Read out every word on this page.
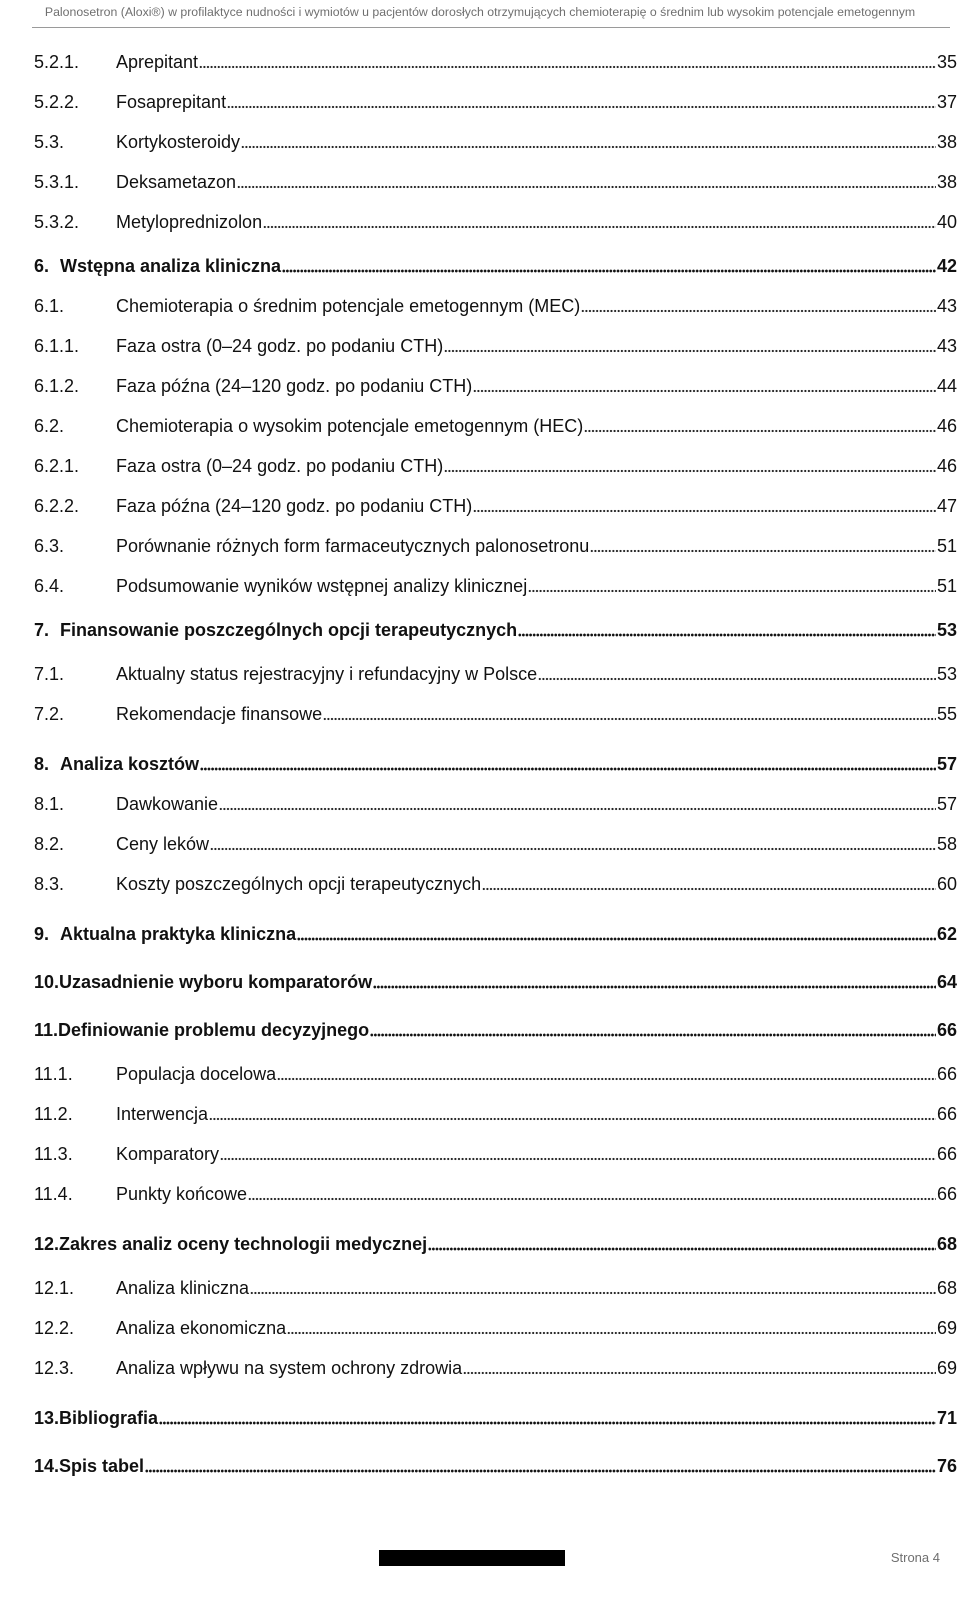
Palonosetron (Aloxi®) w profilaktyce nudności i wymiotów u pacjentów dorosłych otrzymujących chemioterapię o średnim lub wysokim potencjale emetogennym
5.2.1.	Aprepitant	35
5.2.2.	Fosaprepitant	37
5.3.	Kortykosteroidy	38
5.3.1.	Deksametazon	38
5.3.2.	Metyloprednizolon	40
6. Wstępna analiza kliniczna	42
6.1.	Chemioterapia o średnim potencjale emetogennym (MEC)	43
6.1.1.	Faza ostra (0–24 godz. po podaniu CTH)	43
6.1.2.	Faza późna (24–120 godz. po podaniu CTH)	44
6.2.	Chemioterapia o wysokim potencjale emetogennym (HEC)	46
6.2.1.	Faza ostra (0–24 godz. po podaniu CTH)	46
6.2.2.	Faza późna (24–120 godz. po podaniu CTH)	47
6.3.	Porównanie różnych form farmaceutycznych palonosetronu	51
6.4.	Podsumowanie wyników wstępnej analizy klinicznej	51
7. Finansowanie poszczególnych opcji terapeutycznych	53
7.1.	Aktualny status rejestracyjny i refundacyjny w Polsce	53
7.2.	Rekomendacje finansowe	55
8. Analiza kosztów	57
8.1.	Dawkowanie	57
8.2.	Ceny leków	58
8.3.	Koszty poszczególnych opcji terapeutycznych	60
9. Aktualna praktyka kliniczna	62
10. Uzasadnienie wyboru komparatorów	64
11. Definiowanie problemu decyzyjnego	66
11.1.	Populacja docelowa	66
11.2.	Interwencja	66
11.3.	Komparatory	66
11.4.	Punkty końcowe	66
12. Zakres analiz oceny technologii medycznej	68
12.1.	Analiza kliniczna	68
12.2.	Analiza ekonomiczna	69
12.3.	Analiza wpływu na system ochrony zdrowia	69
13. Bibliografia	71
14. Spis tabel	76
Strona 4
